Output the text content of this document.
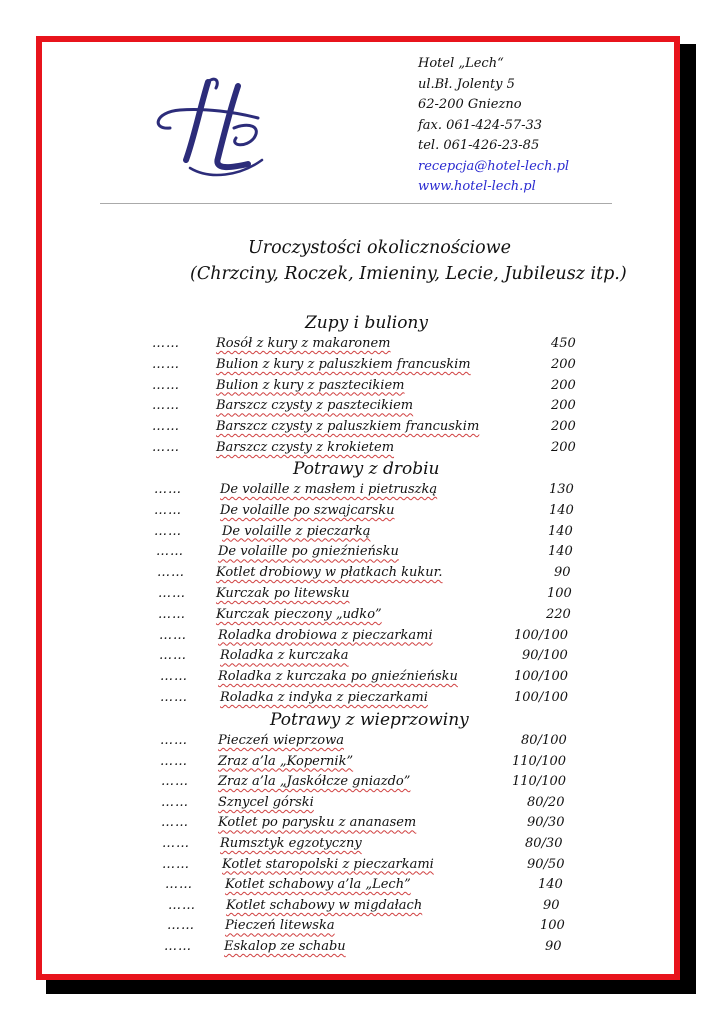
Hotel „Lech“
ul.Bł. Jolenty 5
62-200 Gniezno
fax. 061-424-57-33
tel. 061-426-23-85
recepcja@hotel-lech.pl
www.hotel-lech.pl
Uroczystości okolicznościowe
(Chrzciny, Roczek, Imieniny, Lecie, Jubileusz itp.)
Zupy i buliony
……	Rosół z kury z makaronem	450
……	Bulion z kury z paluszkiem francuskim	200
……	Bulion z kury z pasztecikiem	200
……	Barszcz czysty z pasztecikiem	200
……	Barszcz czysty z paluszkiem francuskim	200
……	Barszcz czysty z krokietem	200
Potrawy z drobiu
……	De volaille z masłem i pietruszką	130
……	De volaille po szwajcarsku	140
……	De volaille z pieczarką	140
……	De volaille po gnieźnieńsku	140
…… Kotlet drobiowy w płatkach kukur.	90
…… Kurczak po litewsku	100
…… Kurczak pieczony „udko”	220
…… Roladka drobiowa z pieczarkami	100/100
……	Roladka z kurczaka	90/100
…… Roladka z kurczaka po gnieźnieńsku	100/100
…… Roladka z indyka z pieczarkami	100/100
Potrawy z wieprzowiny
…… Pieczeń wieprzowa	80/100
…… Zraz a’la „Kopernik”	110/100
…… Zraz a’la „Jaskółcze gniazdo”	110/100
…… Sznycel górski	80/20
…… Kotlet po parysku z ananasem	90/30
…… Rumsztyk egzotyczny	80/30
…… Kotlet staropolski z pieczarkami	90/50
…… Kotlet schabowy a’la „Lech”	140
…… Kotlet schabowy w migdałach	90
…… Pieczeń litewska	100
…… Eskalop ze schabu	90
